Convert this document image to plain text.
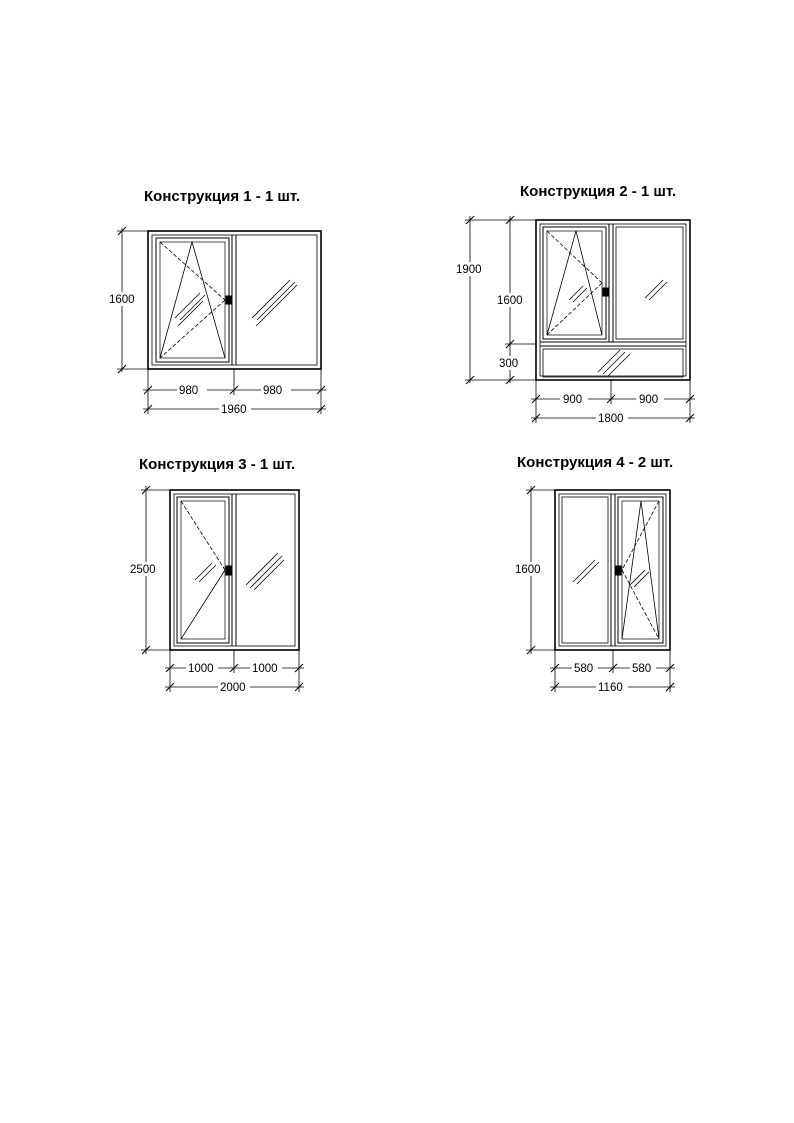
Конструкция 1 - 1 шт.	Конструкция 2 - 1 шт.
Конструкция 3 - 1 шт.	Конструкция 4 - 2 шт.
1600
980	980
1960
1900
1600
300
900	900
1800
2500
1000	1000
2000
1600
580	580
1160
